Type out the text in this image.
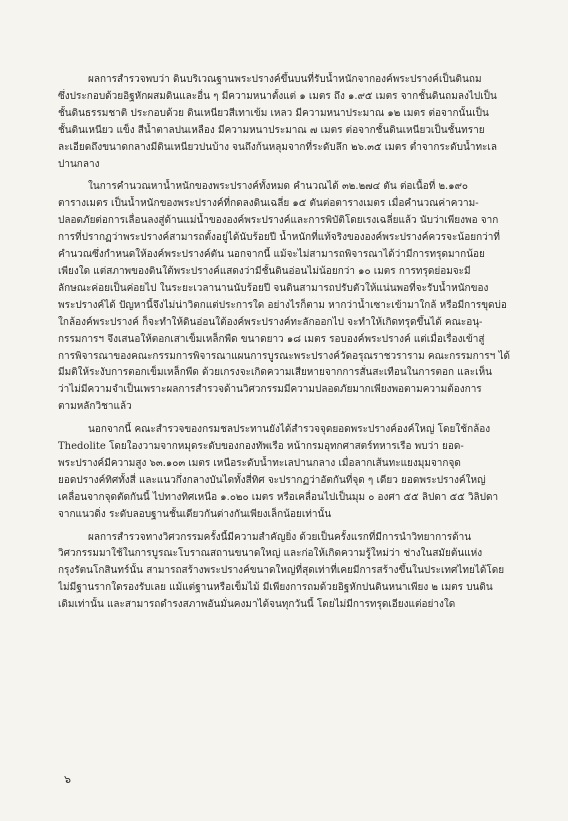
ผลการสำรวจพบว่า ดินบริเวณฐานพระปรางค์ขึ้นบนที่รับน้ำหนักจากองค์พระปรางค์เป็นดินถม

ซึ่งประกอบด้วยอิฐหักผสมดินและอื่น ๆ มีความหนาตั้งแต่ ๑ เมตร ถึง ๑.๙๕ เมตร จากชั้นดินถมลงไปเป็น

ชั้นดินธรรมชาติ ประกอบด้วย ดินเหนียวสีเทาเข้ม เหลว มีความหนาประมาณ ๑๒ เมตร ต่อจากนั้นเป็น

ชั้นดินเหนียว แข็ง สีน้ำตาลปนเหลือง มีความหนาประมาณ ๗ เมตร ต่อจากชั้นดินเหนียวเป็นชั้นทราย

ละเอียดถึงขนาดกลางมีดินเหนียวปนบ้าง จนถึงก้นหลุมจากที่ระดับลึก ๒๖.๓๕ เมตร ต่ำจากระดับน้ำทะเล

ปานกลาง

ในการคำนวณหาน้ำหนักของพระปรางค์ทั้งหมด คำนวณได้ ๓๒.๒๗๔ ตัน ต่อเนื้อที่ ๒.๑๙๐

ตารางเมตร เป็นน้ำหนักของพระปรางค์ที่กดลงดินเฉลี่ย ๑๕ ตันต่อตารางเมตร เมื่อคำนวณค่าความ-

ปลอดภัยต่อการเลื่อนลงสู่ด้านแม่น้ำขององค์พระปรางค์และการพิบัติโดยเรงเฉลี่ยแล้ว นับว่าเพียงพอ จาก

การที่ปรากฏว่าพระปรางค์สามารถตั้งอยู่ได้นับร้อยปี น้ำหนักที่แท้จริงขององค์พระปรางค์ควรจะน้อยกว่าที่

คำนวณซึ่งกำหนดให้องค์พระปรางค์ตัน นอกจากนี้ แม้จะไม่สามารถพิจารณาได้ว่ามีการทรุดมากน้อย

เพียงใด แต่สภาพของดินใต้พระปรางค์แสดงว่ามีชั้นดินอ่อนไม่น้อยกว่า ๑๐ เมตร การทรุดย่อมจะมี

ลักษณะค่อยเป็นค่อยไป ในระยะเวลานานนับร้อยปี จนดินสามารถปรับตัวให้แน่นพอที่จะรับน้ำหนักของ

พระปรางค์ได้ ปัญหานี้จึงไม่น่าวิตกแต่ประการใด อย่างไรก็ตาม หากว่าน้ำเซาะเข้ามาใกล้ หรือมีการขุดบ่อ

ใกล้องค์พระปรางค์ ก็จะทำให้ดินอ่อนใต้องค์พระปรางค์ทะลักออกไป จะทำให้เกิดทรุดขึ้นได้ คณะอนุ-

กรรมการฯ จึงเสนอให้ตอกเสาเข็มเหล็กพืด ขนาดยาว ๑๘ เมตร รอบองค์พระปรางค์ แต่เมื่อเรื่องเข้าสู่

การพิจารณาของคณะกรรมการพิจารณาแผนการบูรณะพระปรางค์วัดอรุณราชวราราม คณะกรรมการฯ ได้

มีมติให้ระงับการตอกเข็มเหล็กพืด ด้วยเกรงจะเกิดความเสียหายจากการสั่นสะเทือนในการตอก และเห็น

ว่าไม่มีความจำเป็นเพราะผลการสำรวจด้านวิศวกรรมมีความปลอดภัยมากเพียงพอตามความต้องการ

ตามหลักวิชาแล้ว

นอกจากนี้ คณะสำรวจของกรมชลประทานยังได้สำรวจจุดยอดพระปรางค์องค์ใหญ่ โดยใช้กล้อง

Thedolite โดยใองวามจากหมุดระดับของกองทัพเรือ หน้ากรมอุทกศาสตร์ทหารเรือ พบว่า ยอด-

พระปรางค์มีความสูง ๖๓.๑๐๓ เมตร เหนือระดับน้ำทะเลปานกลาง เมื่อลากเส้นทะแยงมุมจากจุด

ยอดปรางค์ทิศทั้งสี่ และแนวกึ่งกลางบันไดทั้งสี่ทิศ จะปรากฏว่าอัตกันที่จุด ๆ เดียว ยอดพระปรางค์ใหญ่

เคลื่อนจากจุดตัดกันนี้ ไปทางทิศเหนือ ๑.๐๒๐ เมตร หรือเคลื่อนไปเป็นมุม ๐ องศา ๕๕ ลิปดา ๕๕ วิลิปดา

จากแนวดิ่ง ระดับลอบฐานชั้นเดียวกันต่างกันเพียงเล็กน้อยเท่านั้น

ผลการสำรวจทางวิศวกรรมครั้งนี้มีความสำคัญยิ่ง ด้วยเป็นครั้งแรกที่มีการนำวิทยาการด้าน

วิศวกรรมมาใช้ในการบูรณะโบราณสถานขนาดใหญ่ และก่อให้เกิดความรู้ใหม่ว่า ช่างในสมัยต้นแห่ง

กรุงรัตนโกสินทร์นั้น สามารถสร้างพระปรางค์ขนาดใหญ่ที่สุดเท่าที่เคยมีการสร้างขึ้นในประเทศไทยได้โดย

ไม่มีฐานรากใดรองรับเลย แม้แต่ฐานหรือเข็มไม้ มีเพียงการถมด้วยอิฐหักปนดินหนาเพียง ๒ เมตร บนดิน

เดิมเท่านั้น และสามารถดำรงสภาพอันมั่นคงมาได้จนทุกวันนี้ โดยไม่มีการทรุดเอียงแต่อย่างใด

๖
